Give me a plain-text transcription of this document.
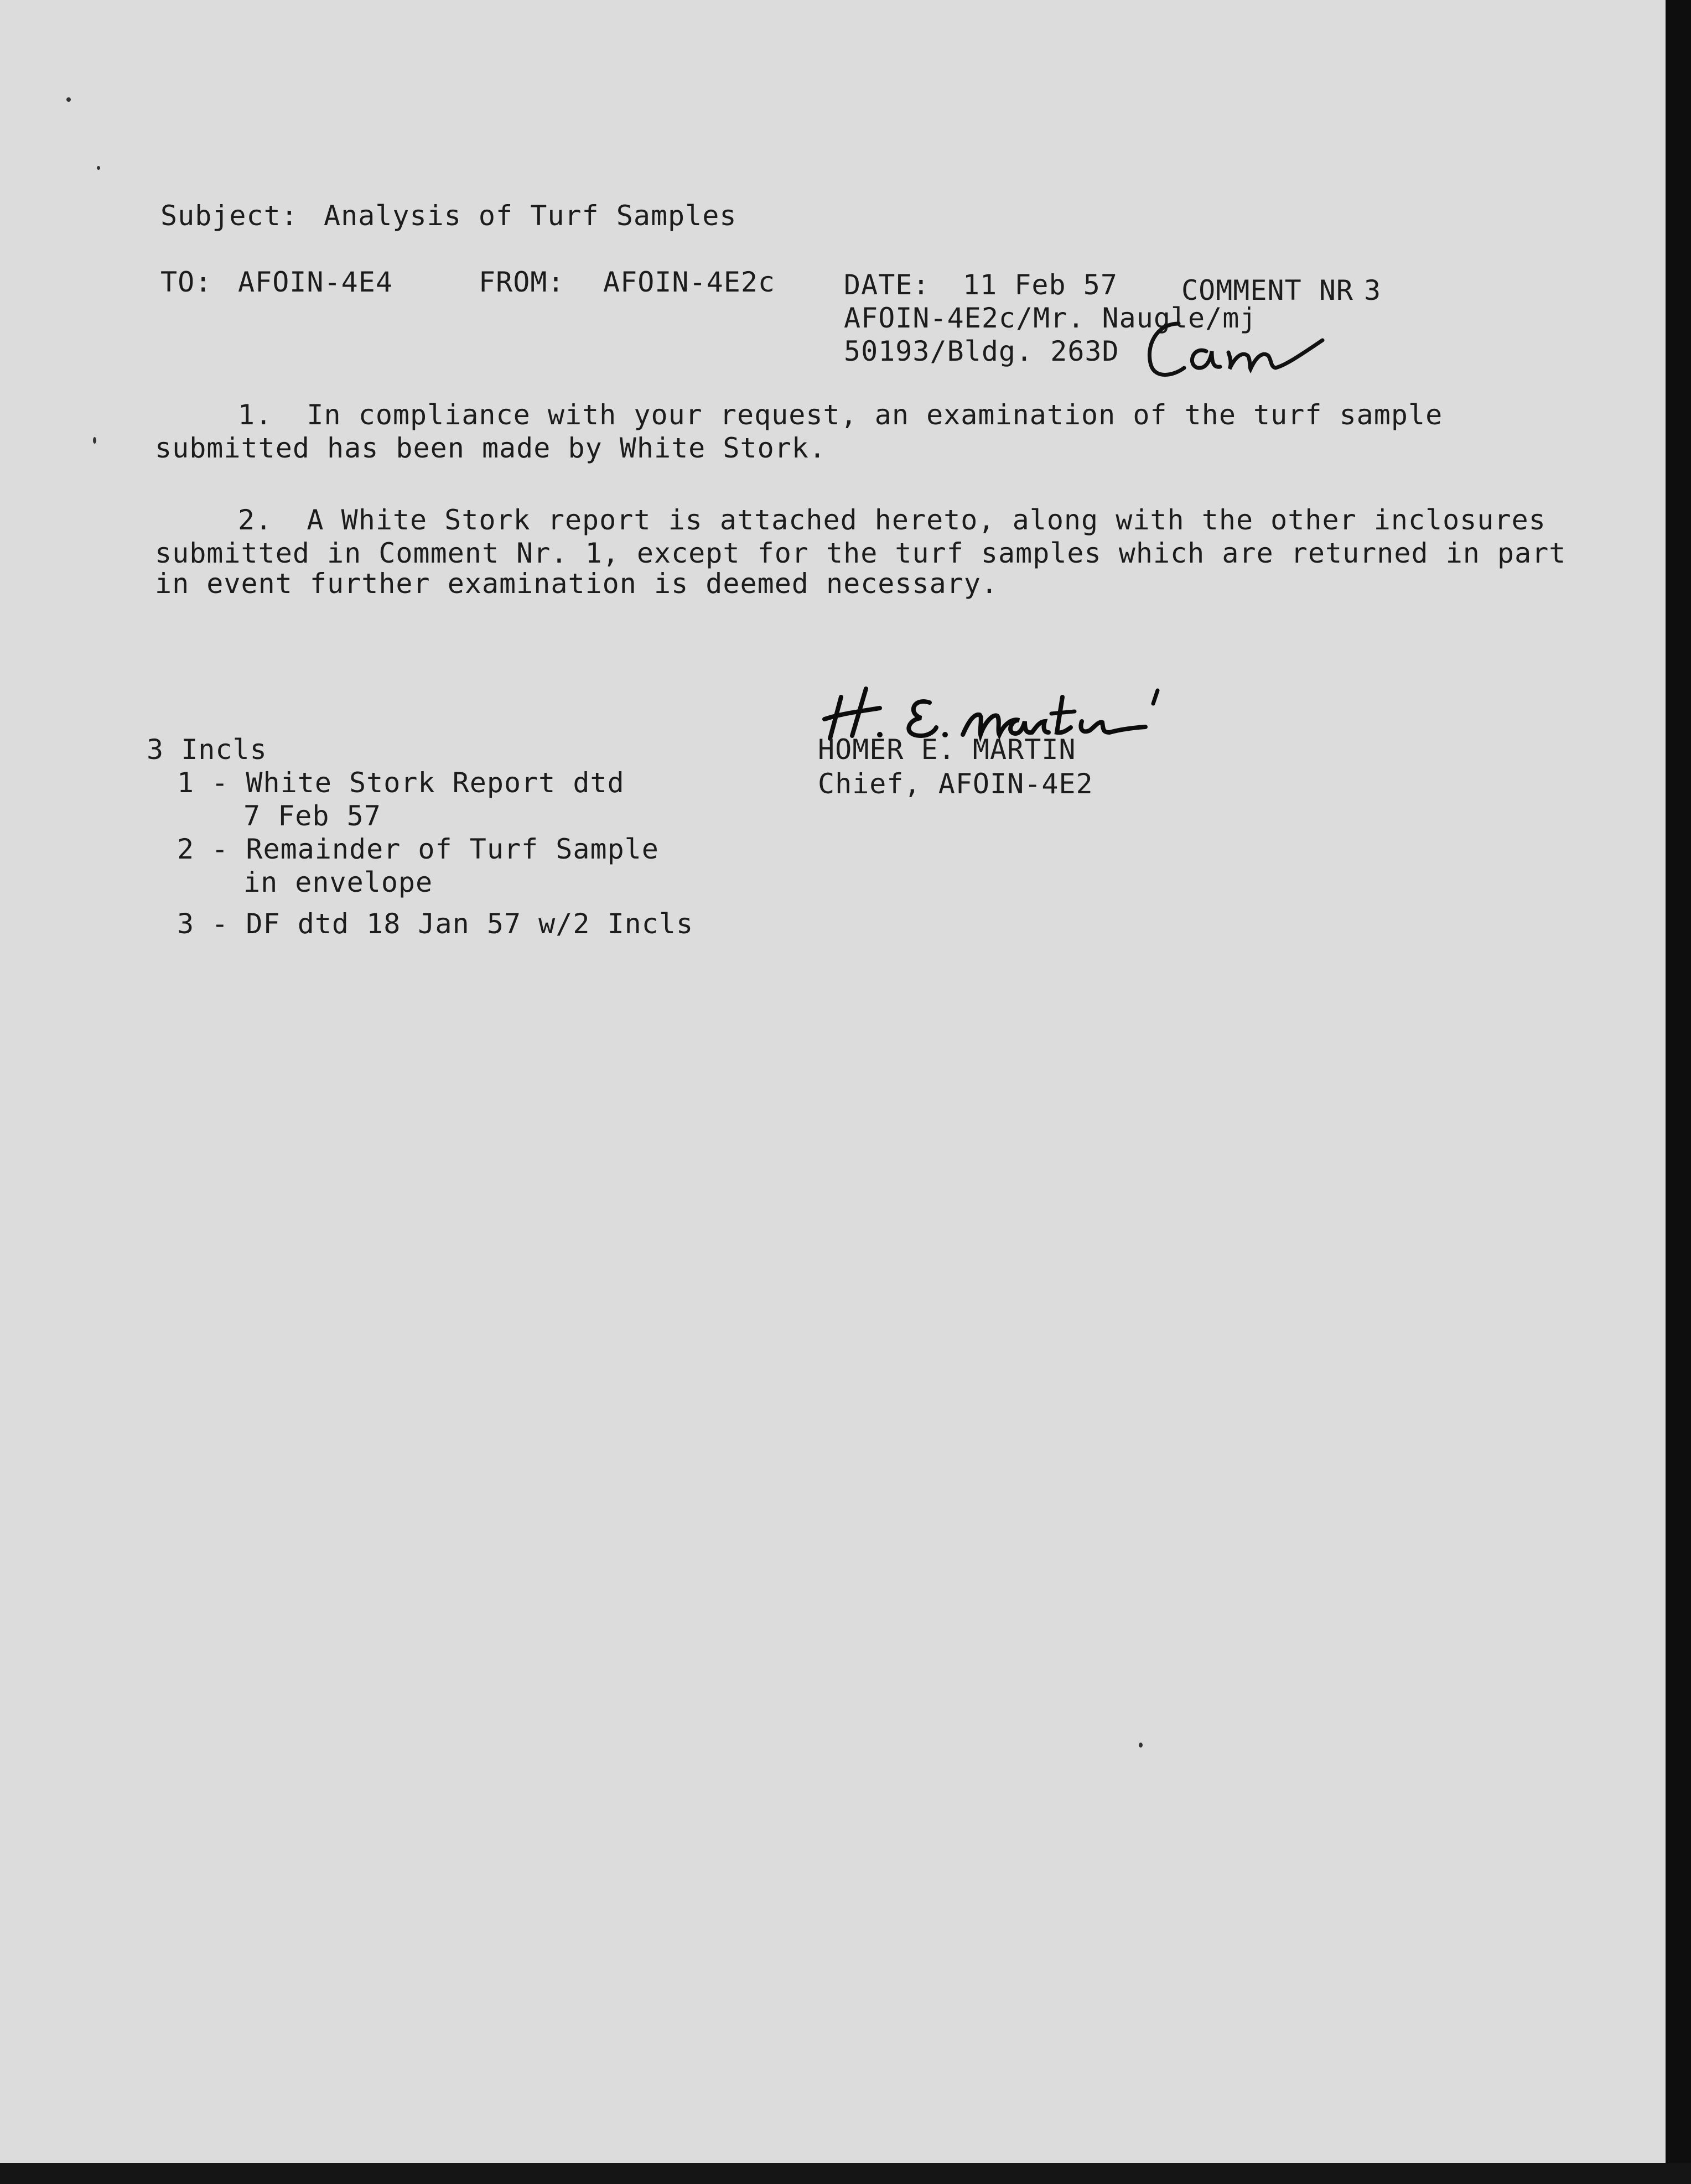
Subject: Analysis of Turf Samples
TO: AFOIN-4E4	FROM: AFOIN-4E2c DATE: 11 Feb 57 COMMENT NR 3
AFOIN-4E2c/Mr. Naugle/mj
50193/Bldg. 263D
1.  In compliance with your request, an examination of the turf sample
submitted has been made by White Stork.
2.  A White Stork report is attached hereto, along with the other inclosures
submitted in Comment Nr. 1, except for the turf samples which are returned in part
in event further examination is deemed necessary.
HOMER E. MARTIN
Chief, AFOIN-4E2
3 Incls
1 - White Stork Report dtd
7 Feb 57
2 - Remainder of Turf Sample
in envelope
3 - DF dtd 18 Jan 57 w/2 Incls
